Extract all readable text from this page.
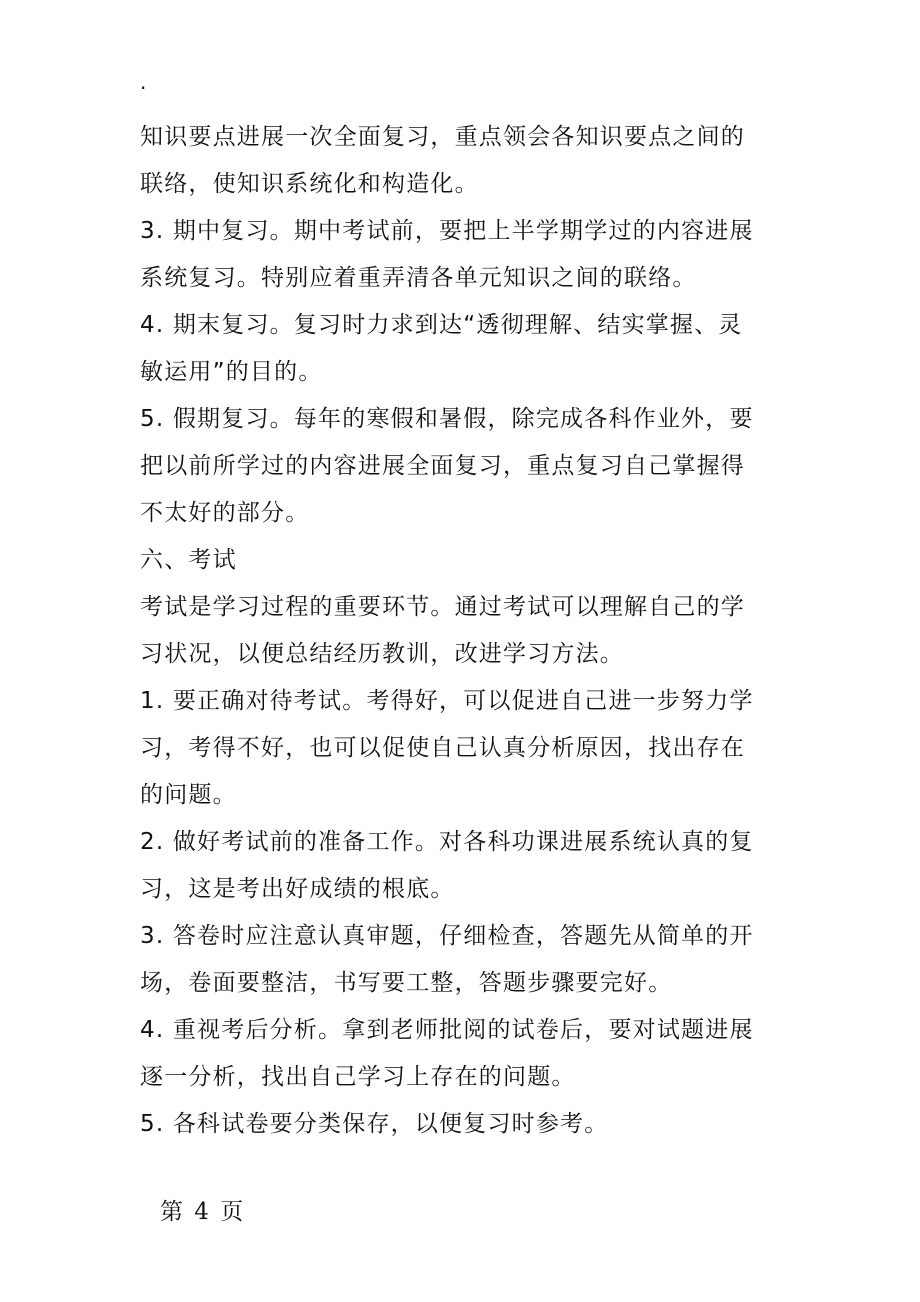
.
知识要点进展一次全面复习，重点领会各知识要点之间的
联络，使知识系统化和构造化。
3. 期中复习。期中考试前，要把上半学期学过的内容进展
系统复习。特别应着重弄清各单元知识之间的联络。
4. 期末复习。复习时力求到达“透彻理解、结实掌握、灵
敏运用”的目的。
5. 假期复习。每年的寒假和暑假，除完成各科作业外，要
把以前所学过的内容进展全面复习，重点复习自己掌握得
不太好的部分。
六、考试
考试是学习过程的重要环节。通过考试可以理解自己的学
习状况，以便总结经历教训，改进学习方法。
1. 要正确对待考试。考得好，可以促进自己进一步努力学
习，考得不好，也可以促使自己认真分析原因，找出存在
的问题。
2. 做好考试前的准备工作。对各科功课进展系统认真的复
习，这是考出好成绩的根底。
3. 答卷时应注意认真审题，仔细检查，答题先从简单的开
场，卷面要整洁，书写要工整，答题步骤要完好。
4. 重视考后分析。拿到老师批阅的试卷后，要对试题进展
逐一分析，找出自己学习上存在的问题。
5. 各科试卷要分类保存，以便复习时参考。
第 4 页
